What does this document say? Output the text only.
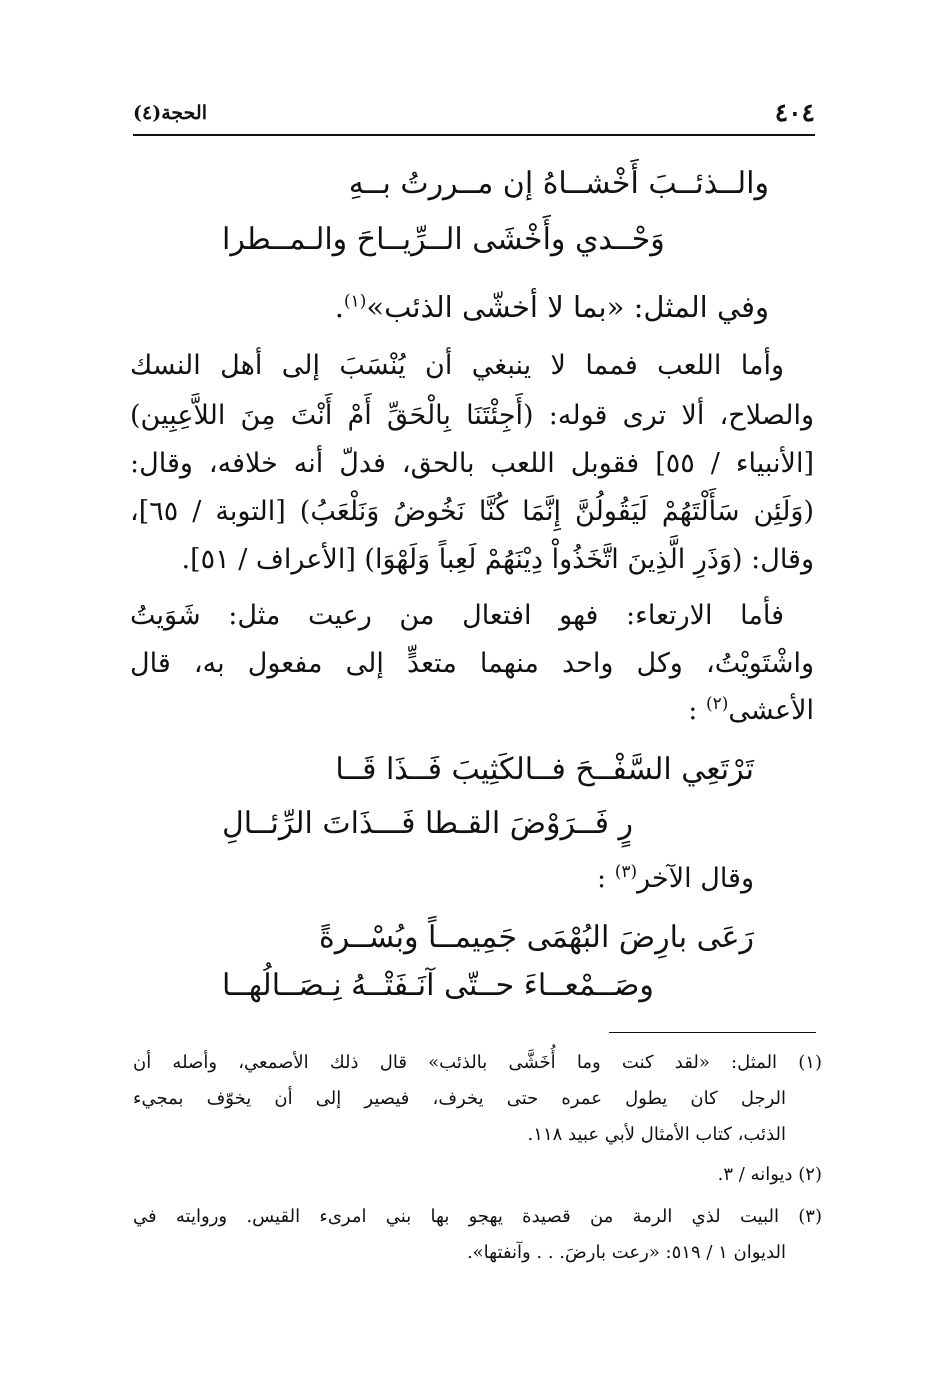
٤٠٤
الحجة(٤)
والــذئــبَ أَخْشــاهُ إن مــررتُ بــهِ
وَحْــدي وأَخْشَى الــرِّيــاحَ والـمــطرا
وفي المثل: «بما لا أخشّى الذئب»$^{(١)}$.
وأما اللعب فمما لا ينبغي أن يُنْسَبَ إلى أهل النسك
والصلاح، ألا ترى قوله: (أَجِئْتَنَا بِالْحَقِّ أَمْ أَنْتَ مِنَ اللاَّعِبِين)
[الأنبياء / ٥٥] فقوبل اللعب بالحق، فدلّ أنه خلافه، وقال:
(وَلَئِن سَأَلْتَهُمْ لَيَقُولُنَّ إِنَّمَا كُنَّا نَخُوضُ وَنَلْعَبُ) [التوبة / ٦٥]،
وقال: (وَذَرِ الَّذِينَ اتَّخَذُواْ دِيْنَهُمْ لَعِباً وَلَهْوَا) [الأعراف / ٥١].
فأما الارتعاء: فهو افتعال من رعيت مثل: شَوَيتُ
واشْتَويْتُ، وكل واحد منهما متعدٍّ إلى مفعول به، قال
الأعشى$^{(٢)}$ :
تَرْتَعِي السَّفْــحَ فــالكَثِيبَ فَــذَا قَــا
رٍ فَــرَوْضَ القـطا فَـــذَاتَ الرِّئــالِ
وقال الآخر$^{(٣)}$ :
رَعَى بارِضَ البُهْمَى جَمِيمــاً وبُسْــرةً
وصَــمْعــاءَ حــتّى آنَـفَتْــهُ نِـصَــالُهــا
(١) المثل: «لقد كنت وما أُخَشَّى بالذئب» قال ذلك الأصمعي، وأصله أن
الرجل كان يطول عمره حتى يخرف، فيصير إلى أن يخوّف بمجيء
الذئب، كتاب الأمثال لأبي عبيد ١١٨.
(٢) ديوانه / ٣.
(٣) البيت لذي الرمة من قصيدة يهجو بها بني امرىء القيس. وروايته في
الديوان ١ / ٥١٩: «رعت بارضَ. . . وآنفتها».
